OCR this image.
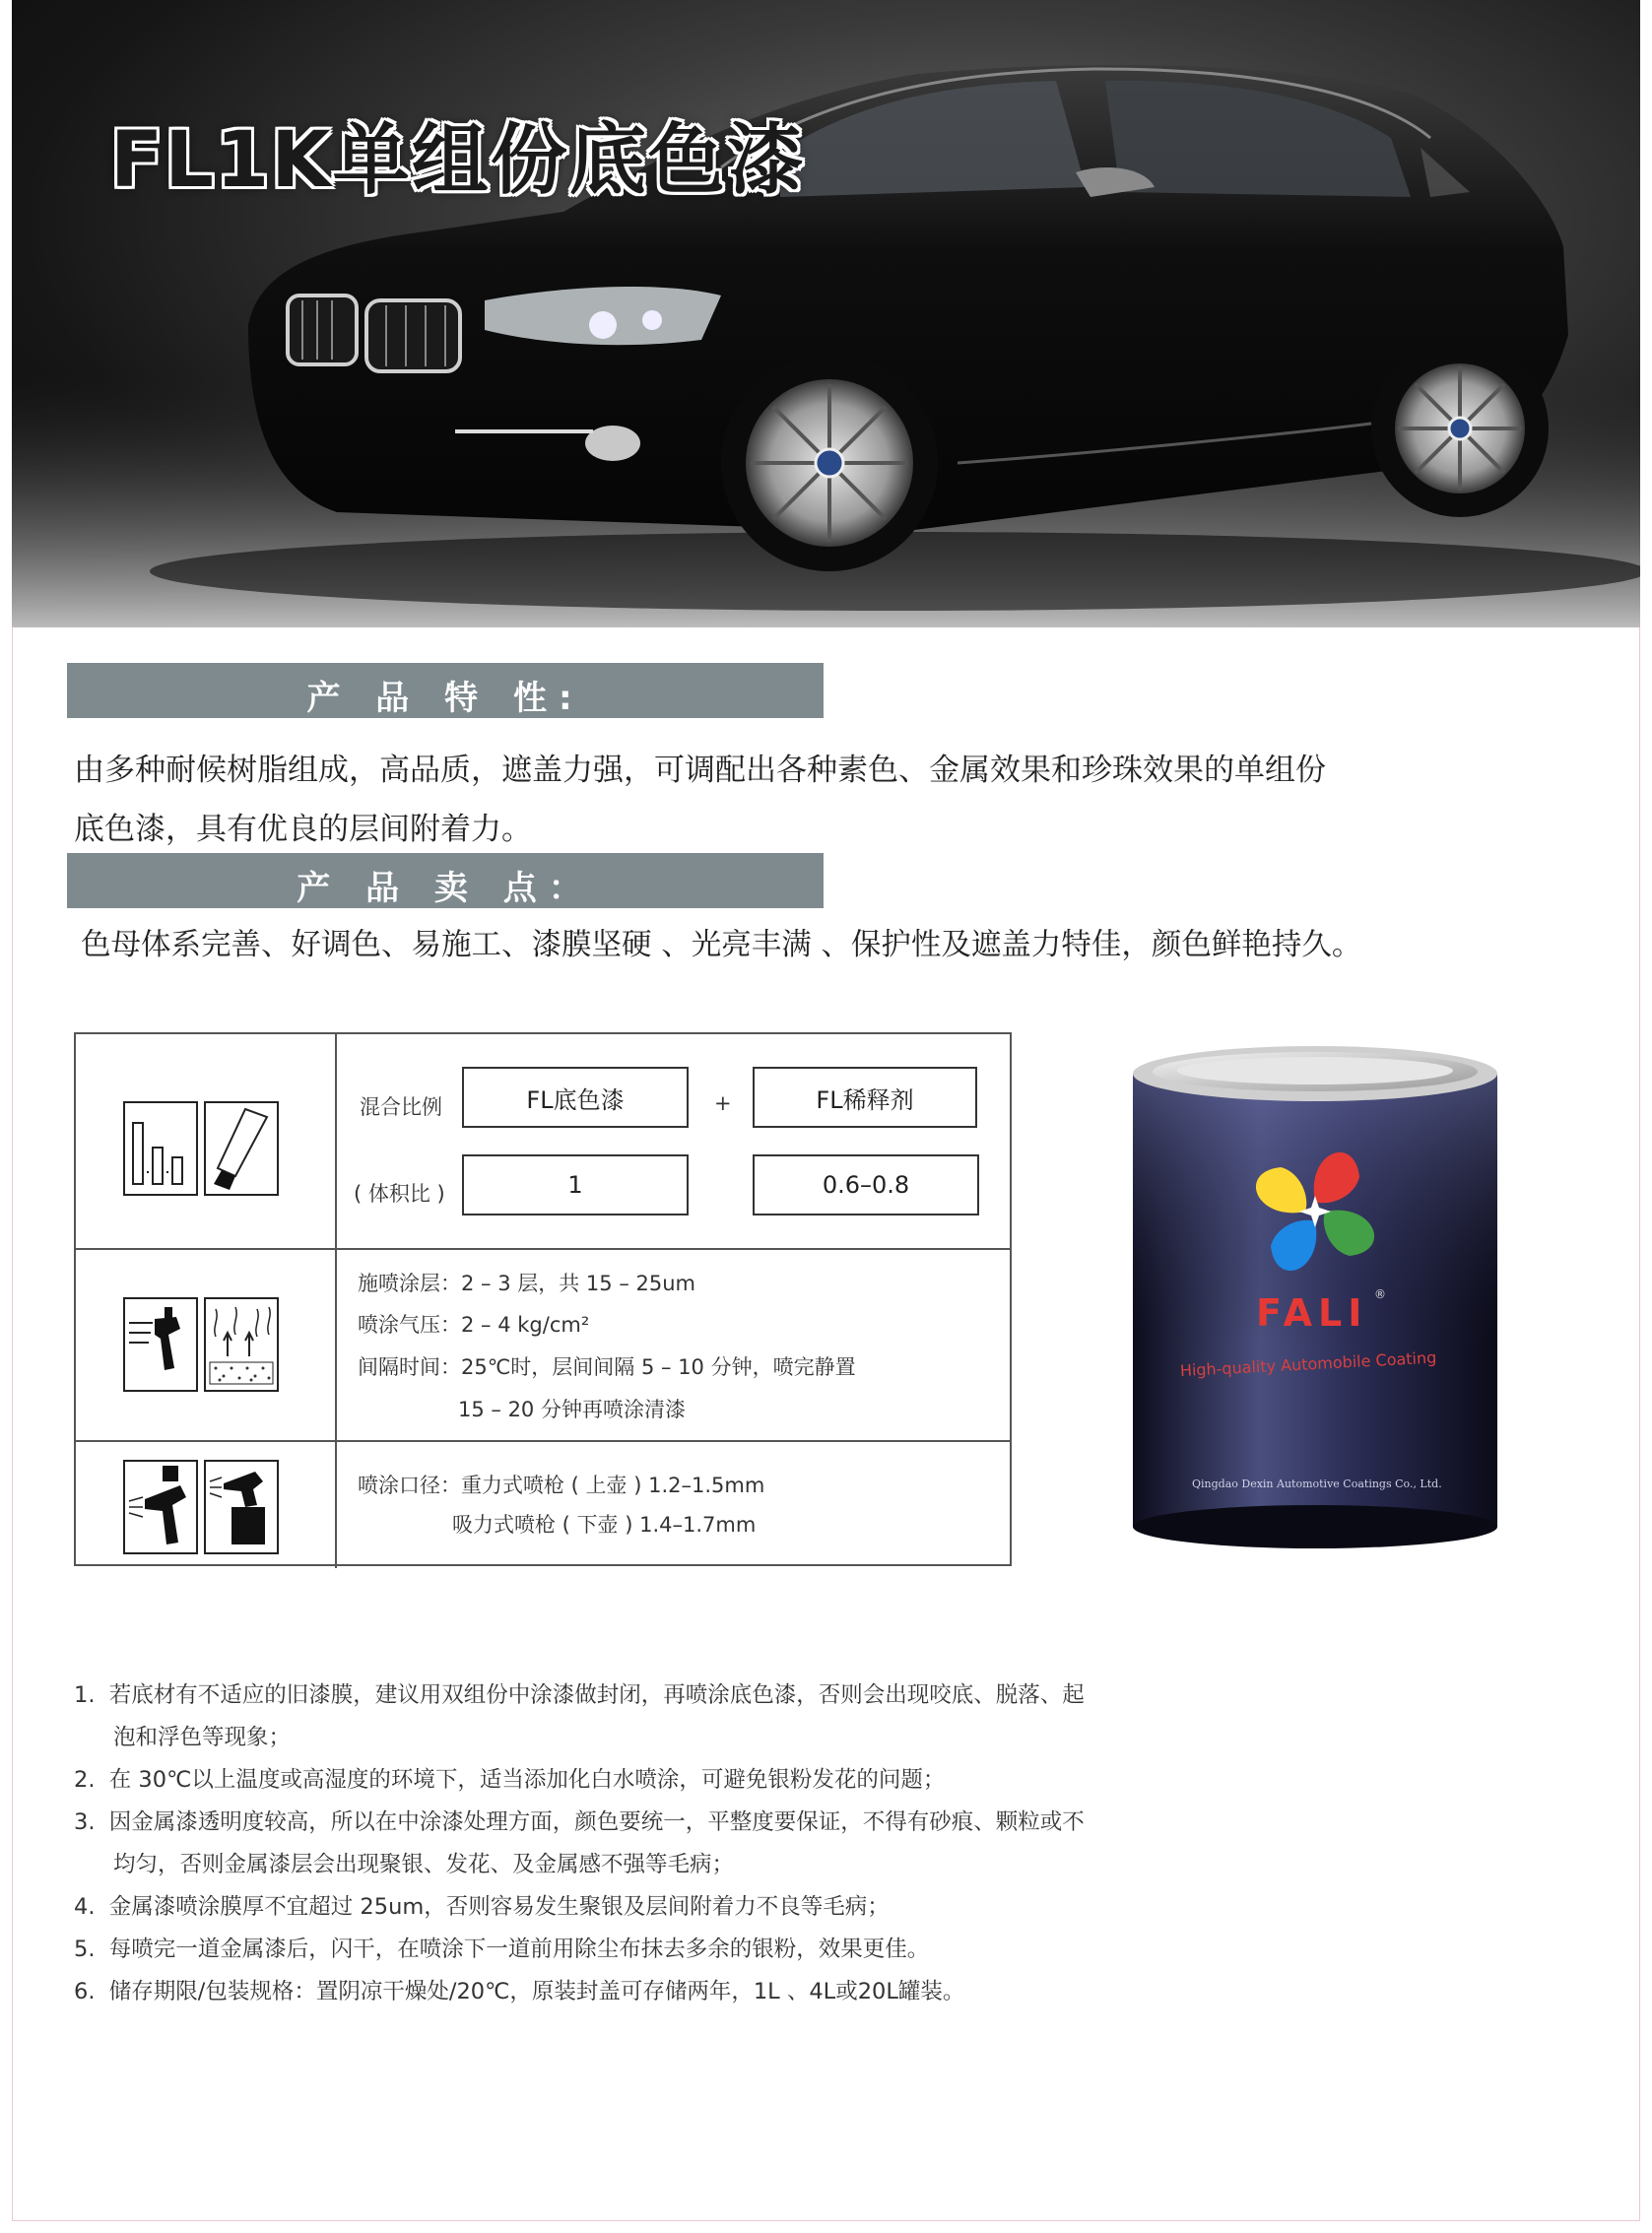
FL1K单组份底色漆
产 品 特 性:
由多种耐候树脂组成，高品质，遮盖力强，可调配出各种素色、金属效果和珍珠效果的单组份
底色漆，具有优良的层间附着力。
产 品 卖 点：
色母体系完善、好调色、易施工、漆膜坚硬 、光亮丰满 、保护性及遮盖力特佳，颜色鲜艳持久。
混合比例	FL底色漆	+	FL稀释剂
( 体积比 )	1	0.6–0.8
施喷涂层：2 – 3 层，共 15 – 25um
喷涂气压：2 – 4 kg/cm²
间隔时间：25℃时，层间间隔 5 – 10 分钟，喷完静置
15 – 20 分钟再喷涂清漆
喷涂口径：重力式喷枪 ( 上壶 ) 1.2–1.5mm
吸力式喷枪 ( 下壶 ) 1.4–1.7mm
FALI ®
High-quality Automobile Coating
Qingdao Dexin Automotive Coatings Co., Ltd.
1. 若底材有不适应的旧漆膜，建议用双组份中涂漆做封闭，再喷涂底色漆，否则会出现咬底、脱落、起
泡和浮色等现象；
2. 在 30℃以上温度或高湿度的环境下，适当添加化白水喷涂，可避免银粉发花的问题；
3. 因金属漆透明度较高，所以在中涂漆处理方面，颜色要统一，平整度要保证，不得有砂痕、颗粒或不
均匀，否则金属漆层会出现聚银、发花、及金属感不强等毛病；
4. 金属漆喷涂膜厚不宜超过 25um，否则容易发生聚银及层间附着力不良等毛病；
5. 每喷完一道金属漆后，闪干，在喷涂下一道前用除尘布抹去多余的银粉，效果更佳。
6. 储存期限/包装规格：置阴凉干燥处/20℃，原装封盖可存储两年，1L 、4L或20L罐装。
